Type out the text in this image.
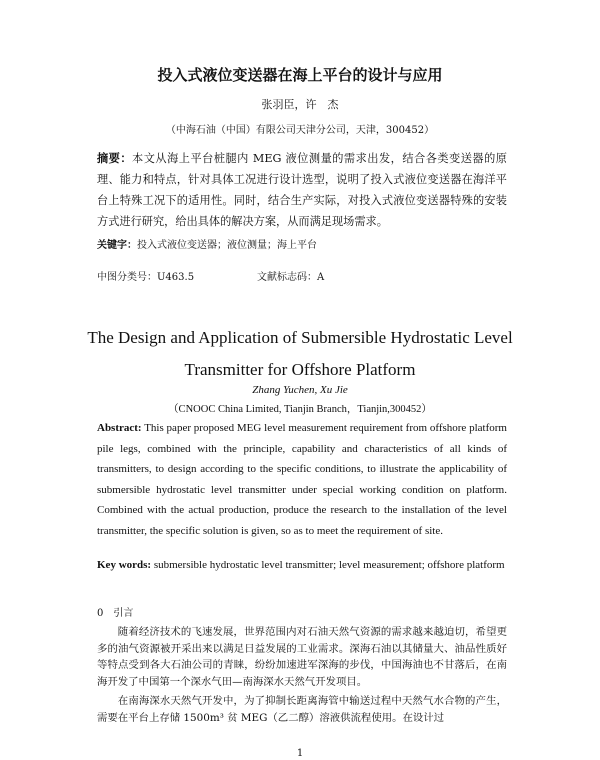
投入式液位变送器在海上平台的设计与应用
张羽臣，许　杰
（中海石油（中国）有限公司天津分公司，天津，300452）
摘要：本文从海上平台桩腿内 MEG 液位测量的需求出发，结合各类变送器的原理、能力和特点，针对具体工况进行设计选型，说明了投入式液位变送器在海洋平台上特殊工况下的适用性。同时，结合生产实际，对投入式液位变送器特殊的安装方式进行研究，给出具体的解决方案，从而满足现场需求。
关键字：投入式液位变送器；液位测量；海上平台
中图分类号：U463.5	文献标志码：A
The Design and Application of Submersible Hydrostatic Level Transmitter for Offshore Platform
Zhang Yuchen, Xu Jie
（CNOOC China Limited, Tianjin Branch，Tianjin,300452）
Abstract: This paper proposed MEG level measurement requirement from offshore platform pile legs, combined with the principle, capability and characteristics of all kinds of transmitters, to design according to the specific conditions, to illustrate the applicability of submersible hydrostatic level transmitter under special working condition on platform. Combined with the actual production, produce the research to the installation of the level transmitter, the specific solution is given, so as to meet the requirement of site.
Key words: submersible hydrostatic level transmitter; level measurement; offshore platform
0　引言

随着经济技术的飞速发展，世界范围内对石油天然气资源的需求越来越迫切，希望更多的油气资源被开采出来以满足日益发展的工业需求。深海石油以其储量大、油品性质好等特点受到各大石油公司的青睐，纷纷加速进军深海的步伐，中国海油也不甘落后，在南海开发了中国第一个深水气田—南海深水天然气开发项目。

在南海深水天然气开发中，为了抑制长距离海管中输送过程中天然气水合物的产生，需要在平台上存储 1500m³ 贫 MEG（乙二醇）溶液供流程使用。在设计过

1
